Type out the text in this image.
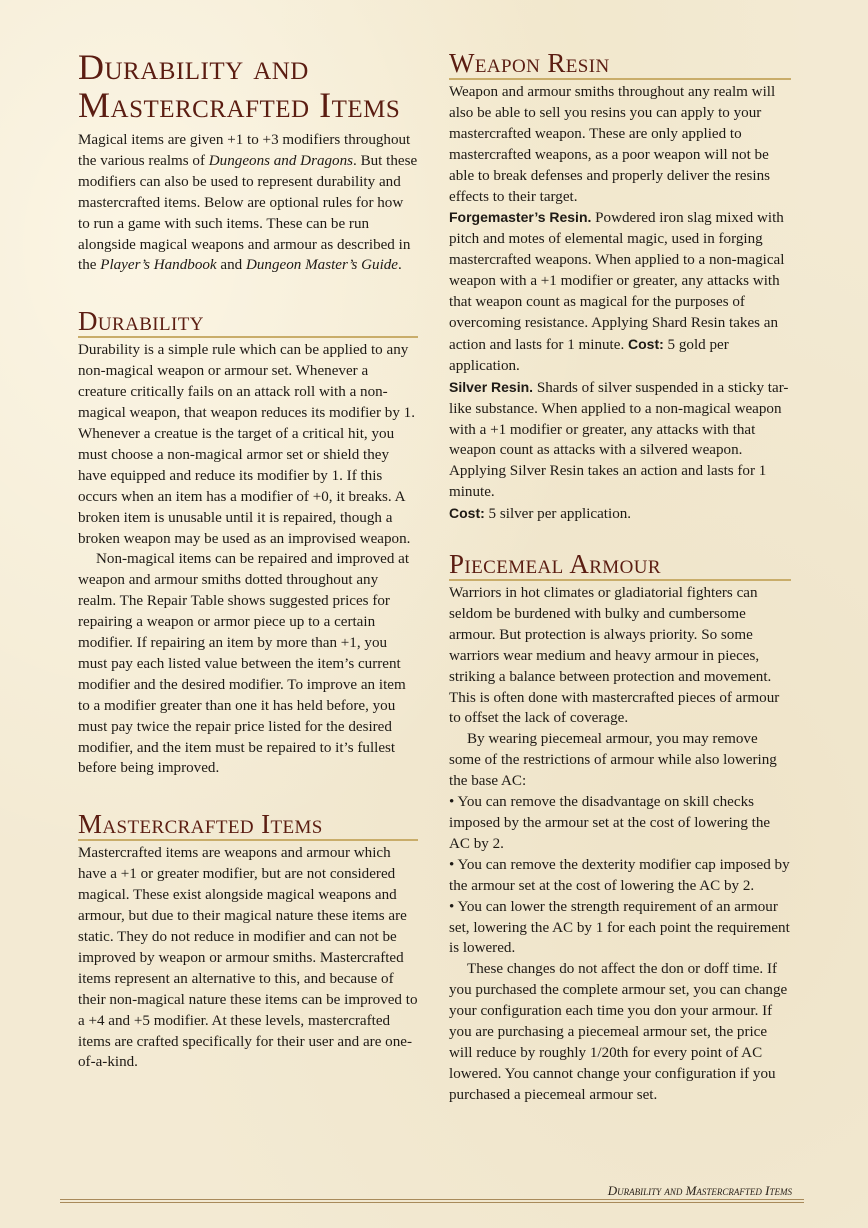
Durability and Mastercrafted Items

Magical items are given +1 to +3 modifiers throughout the various realms of Dungeons and Dragons. But these modifiers can also be used to represent durability and mastercrafted items. Below are optional rules for how to run a game with such items. These can be run alongside magical weapons and armour as described in the Player’s Handbook and Dungeon Master’s Guide.

Durability

Durability is a simple rule which can be applied to any non-magical weapon or armour set. Whenever a creature critically fails on an attack roll with a non-magical weapon, that weapon reduces its modifier by 1. Whenever a creatue is the target of a critical hit, you must choose a non-magical armor set or shield they have equipped and reduce its modifier by 1. If this occurs when an item has a modifier of +0, it breaks. A broken item is unusable until it is repaired, though a broken weapon may be used as an improvised weapon.

Non-magical items can be repaired and improved at weapon and armour smiths dotted throughout any realm. The Repair Table shows suggested prices for repairing a weapon or armor piece up to a certain modifier. If repairing an item by more than +1, you must pay each listed value between the item’s current modifier and the desired modifier. To improve an item to a modifier greater than one it has held before, you must pay twice the repair price listed for the desired modifier, and the item must be repaired to it’s fullest before being improved.

Mastercrafted Items

Mastercrafted items are weapons and armour which have a +1 or greater modifier, but are not considered magical. These exist alongside magical weapons and armour, but due to their magical nature these items are static. They do not reduce in modifier and can not be improved by weapon or armour smiths. Mastercrafted items represent an alternative to this, and because of their non-magical nature these items can be improved to a +4 and +5 modifier. At these levels, mastercrafted items are crafted specifically for their user and are one-of-a-kind.

Weapon Resin

Weapon and armour smiths throughout any realm will also be able to sell you resins you can apply to your mastercrafted weapon. These are only applied to mastercrafted weapons, as a poor weapon will not be able to break defenses and properly deliver the resins effects to their target.

Forgemaster’s Resin. Powdered iron slag mixed with pitch and motes of elemental magic, used in forging mastercrafted weapons. When applied to a non-magical weapon with a +1 modifier or greater, any attacks with that weapon count as magical for the purposes of overcoming resistance. Applying Shard Resin takes an action and lasts for 1 minute. Cost: 5 gold per application.

Silver Resin. Shards of silver suspended in a sticky tar-like substance. When applied to a non-magical weapon with a +1 modifier or greater, any attacks with that weapon count as attacks with a silvered weapon. Applying Silver Resin takes an action and lasts for 1 minute.
Cost: 5 silver per application.

Piecemeal Armour

Warriors in hot climates or gladiatorial fighters can seldom be burdened with bulky and cumbersome armour. But protection is always priority. So some warriors wear medium and heavy armour in pieces, striking a balance between protection and movement. This is often done with mastercrafted pieces of armour to offset the lack of coverage.

By wearing piecemeal armour, you may remove some of the restrictions of armour while also lowering the base AC:

• You can remove the disadvantage on skill checks imposed by the armour set at the cost of lowering the AC by 2.

• You can remove the dexterity modifier cap imposed by the armour set at the cost of lowering the AC by 2.

• You can lower the strength requirement of an armour set, lowering the AC by 1 for each point the requirement is lowered.

These changes do not affect the don or doff time. If you purchased the complete armour set, you can change your configuration each time you don your armour. If you are purchasing a piecemeal armour set, the price will reduce by roughly 1/20th for every point of AC lowered. You cannot change your configuration if you purchased a piecemeal armour set.

Durability and Mastercrafted Items
